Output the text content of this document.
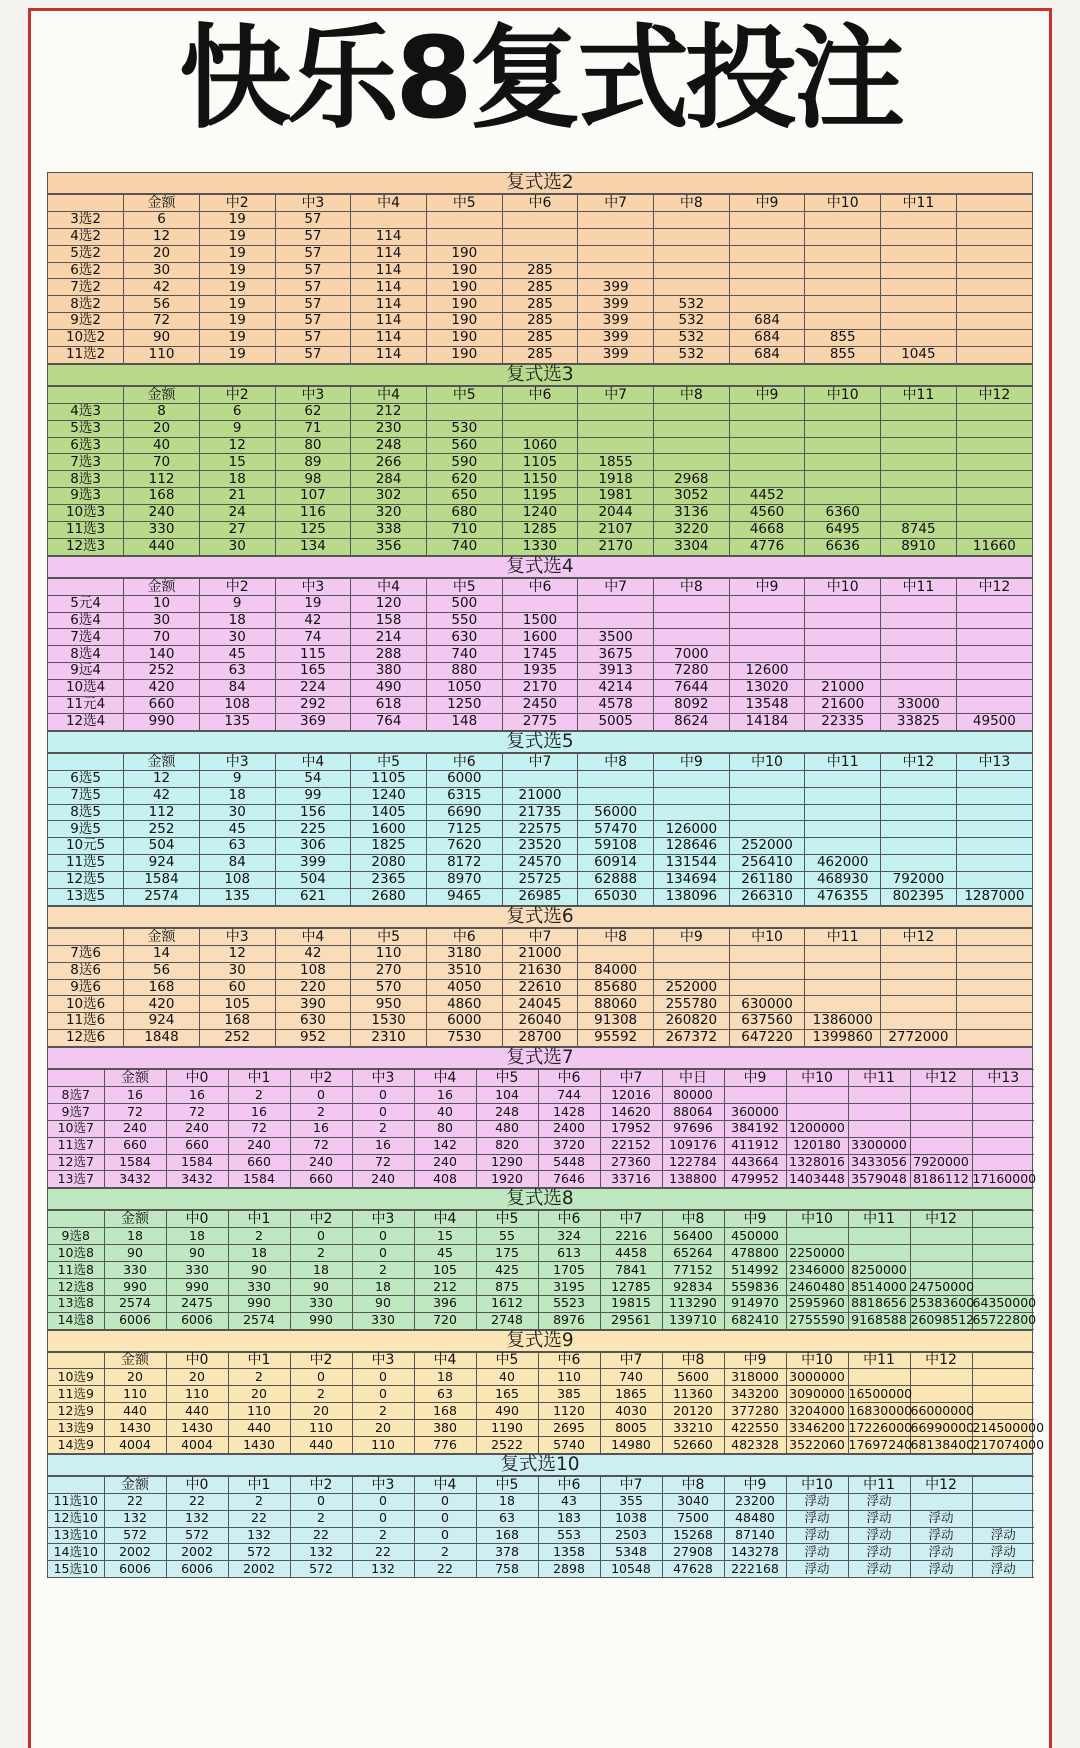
快乐8复式投注
复式选2
	金额	中2	中3	中4	中5	中6	中7	中8	中9	中10	中11	
3选2	6	19	57									
4选2	12	19	57	114								
5选2	20	19	57	114	190							
6选2	30	19	57	114	190	285						
7选2	42	19	57	114	190	285	399					
8选2	56	19	57	114	190	285	399	532				
9选2	72	19	57	114	190	285	399	532	684			
10选2	90	19	57	114	190	285	399	532	684	855		
11选2	110	19	57	114	190	285	399	532	684	855	1045	
复式选3
	金额	中2	中3	中4	中5	中6	中7	中8	中9	中10	中11	中12
4选3	8	6	62	212								
5选3	20	9	71	230	530							
6选3	40	12	80	248	560	1060						
7选3	70	15	89	266	590	1105	1855					
8选3	112	18	98	284	620	1150	1918	2968				
9选3	168	21	107	302	650	1195	1981	3052	4452			
10选3	240	24	116	320	680	1240	2044	3136	4560	6360		
11选3	330	27	125	338	710	1285	2107	3220	4668	6495	8745	
12选3	440	30	134	356	740	1330	2170	3304	4776	6636	8910	11660
复式选4
	金额	中2	中3	中4	中5	中6	中7	中8	中9	中10	中11	中12
5元4	10	9	19	120	500							
6选4	30	18	42	158	550	1500						
7选4	70	30	74	214	630	1600	3500					
8选4	140	45	115	288	740	1745	3675	7000				
9远4	252	63	165	380	880	1935	3913	7280	12600			
10选4	420	84	224	490	1050	2170	4214	7644	13020	21000		
11元4	660	108	292	618	1250	2450	4578	8092	13548	21600	33000	
12选4	990	135	369	764	148	2775	5005	8624	14184	22335	33825	49500
复式选5
	金额	中3	中4	中5	中6	中7	中8	中9	中10	中11	中12	中13
6选5	12	9	54	1105	6000							
7选5	42	18	99	1240	6315	21000						
8选5	112	30	156	1405	6690	21735	56000					
9选5	252	45	225	1600	7125	22575	57470	126000				
10元5	504	63	306	1825	7620	23520	59108	128646	252000			
11选5	924	84	399	2080	8172	24570	60914	131544	256410	462000		
12选5	1584	108	504	2365	8970	25725	62888	134694	261180	468930	792000	
13选5	2574	135	621	2680	9465	26985	65030	138096	266310	476355	802395	1287000
复式选6
	金额	中3	中4	中5	中6	中7	中8	中9	中10	中11	中12	
7选6	14	12	42	110	3180	21000						
8送6	56	30	108	270	3510	21630	84000					
9选6	168	60	220	570	4050	22610	85680	252000				
10选6	420	105	390	950	4860	24045	88060	255780	630000			
11选6	924	168	630	1530	6000	26040	91308	260820	637560	1386000		
12选6	1848	252	952	2310	7530	28700	95592	267372	647220	1399860	2772000	
复式选7
	金额	中0	中1	中2	中3	中4	中5	中6	中7	中日	中9	中10	中11	中12	中13
8选7	16	16	2	0	0	16	104	744	12016	80000					
9选7	72	72	16	2	0	40	248	1428	14620	88064	360000				
10选7	240	240	72	16	2	80	480	2400	17952	97696	384192	1200000			
11选7	660	660	240	72	16	142	820	3720	22152	109176	411912	120180	3300000		
12选7	1584	1584	660	240	72	240	1290	5448	27360	122784	443664	1328016	3433056	7920000	
13选7	3432	3432	1584	660	240	408	1920	7646	33716	138800	479952	1403448	3579048	8186112	17160000
复式选8
	金额	中0	中1	中2	中3	中4	中5	中6	中7	中8	中9	中10	中11	中12	
9选8	18	18	2	0	0	15	55	324	2216	56400	450000				
10选8	90	90	18	2	0	45	175	613	4458	65264	478800	2250000			
11选8	330	330	90	18	2	105	425	1705	7841	77152	514992	2346000	8250000		
12选8	990	990	330	90	18	212	875	3195	12785	92834	559836	2460480	8514000	24750000	
13选8	2574	2475	990	330	90	396	1612	5523	19815	113290	914970	2595960	8818656	25383600	64350000
14选8	6006	6006	2574	990	330	720	2748	8976	29561	139710	682410	2755590	9168588	26098512	65722800
复式选9
	金额	中0	中1	中2	中3	中4	中5	中6	中7	中8	中9	中10	中11	中12	
10选9	20	20	2	0	0	18	40	110	740	5600	318000	3000000			
11选9	110	110	20	2	0	63	165	385	1865	11360	343200	3090000	16500000		
12选9	440	440	110	20	2	168	490	1120	4030	20120	377280	3204000	16830000	66000000	
13选9	1430	1430	440	110	20	380	1190	2695	8005	33210	422550	3346200	17226000	66990000	214500000
14选9	4004	4004	1430	440	110	776	2522	5740	14980	52660	482328	3522060	17697240	68138400	217074000
复式选10
	金额	中0	中1	中2	中3	中4	中5	中6	中7	中8	中9	中10	中11	中12	
11选10	22	22	2	0	0	0	18	43	355	3040	23200	浮动	浮动		
12选10	132	132	22	2	0	0	63	183	1038	7500	48480	浮动	浮动	浮动	
13选10	572	572	132	22	2	0	168	553	2503	15268	87140	浮动	浮动	浮动	浮动
14选10	2002	2002	572	132	22	2	378	1358	5348	27908	143278	浮动	浮动	浮动	浮动
15选10	6006	6006	2002	572	132	22	758	2898	10548	47628	222168	浮动	浮动	浮动	浮动
